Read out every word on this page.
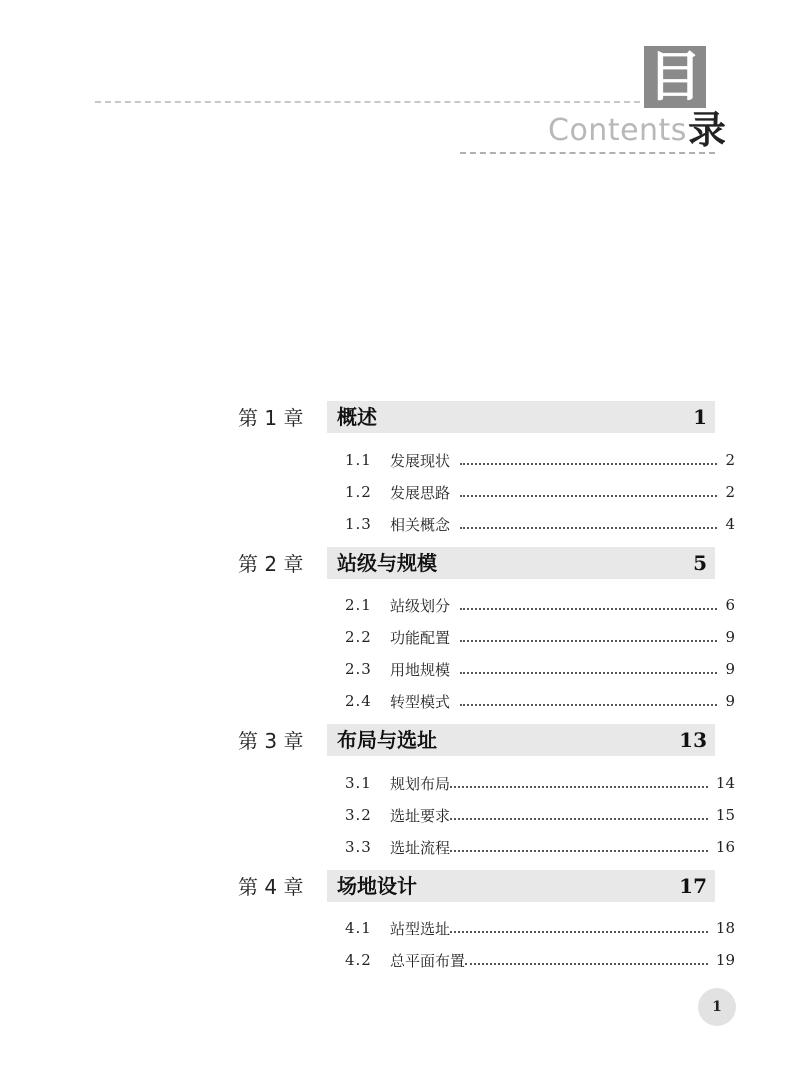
目
Contents 录
第 1 章 概述	1
1.1	发展现状	2
1.2	发展思路	2
1.3	相关概念	4
第 2 章 站级与规模	5
2.1	站级划分	6
2.2	功能配置	9
2.3	用地规模	9
2.4	转型模式	9
第 3 章 布局与选址	13
3.1	规划布局	14
3.2	选址要求	15
3.3	选址流程	16
第 4 章 场地设计	17
4.1	站型选址	18
4.2	总平面布置	19
1
